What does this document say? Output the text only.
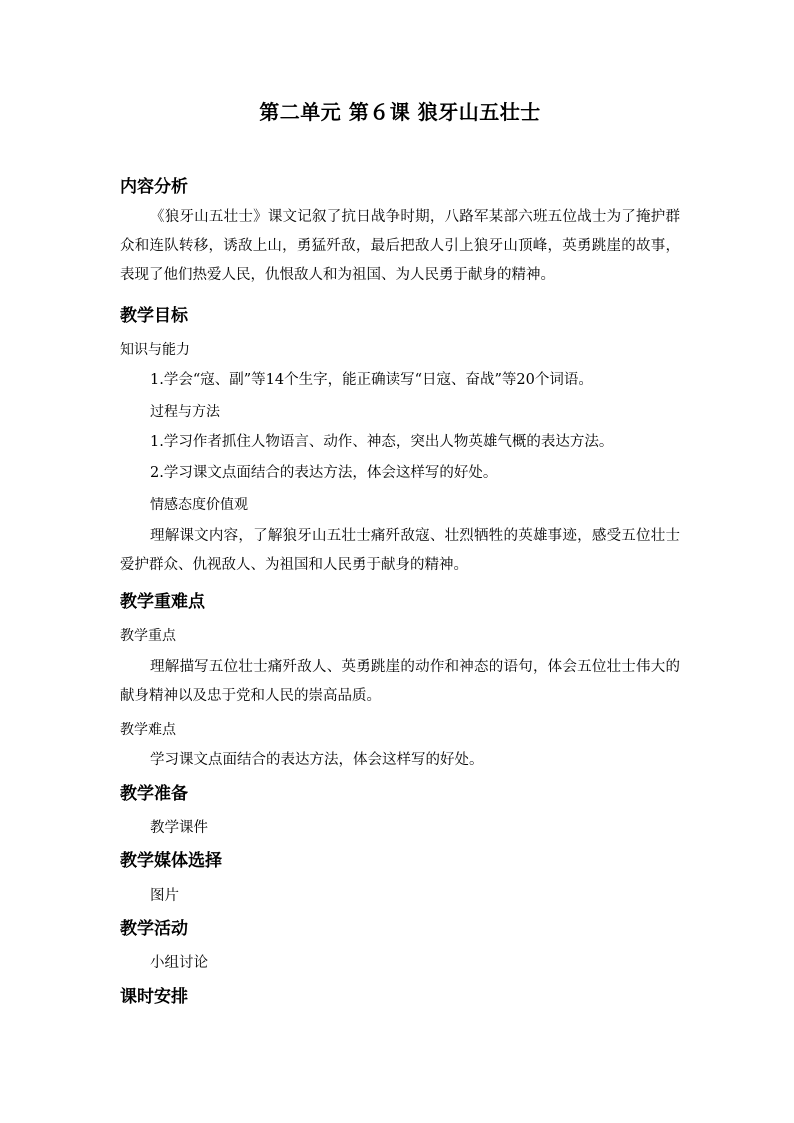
第二单元 第６课 狼牙山五壮士
内容分析

《狼牙山五壮士》课文记叙了抗日战争时期，八路军某部六班五位战士为了掩护群众和连队转移，诱敌上山，勇猛歼敌，最后把敌人引上狼牙山顶峰，英勇跳崖的故事，表现了他们热爱人民，仇恨敌人和为祖国、为人民勇于献身的精神。

教学目标
知识与能力

1.学会“寇、副”等14个生字，能正确读写“日寇、奋战”等20个词语。

过程与方法

1.学习作者抓住人物语言、动作、神态，突出人物英雄气概的表达方法。

2.学习课文点面结合的表达方法，体会这样写的好处。

情感态度价值观

理解课文内容，了解狼牙山五壮士痛歼敌寇、壮烈牺牲的英雄事迹，感受五位壮士爱护群众、仇视敌人、为祖国和人民勇于献身的精神。

教学重难点
教学重点

理解描写五位壮士痛歼敌人、英勇跳崖的动作和神态的语句，体会五位壮士伟大的献身精神以及忠于党和人民的崇高品质。

教学难点

学习课文点面结合的表达方法，体会这样写的好处。

教学准备

教学课件

教学媒体选择

图片

教学活动

小组讨论

课时安排
